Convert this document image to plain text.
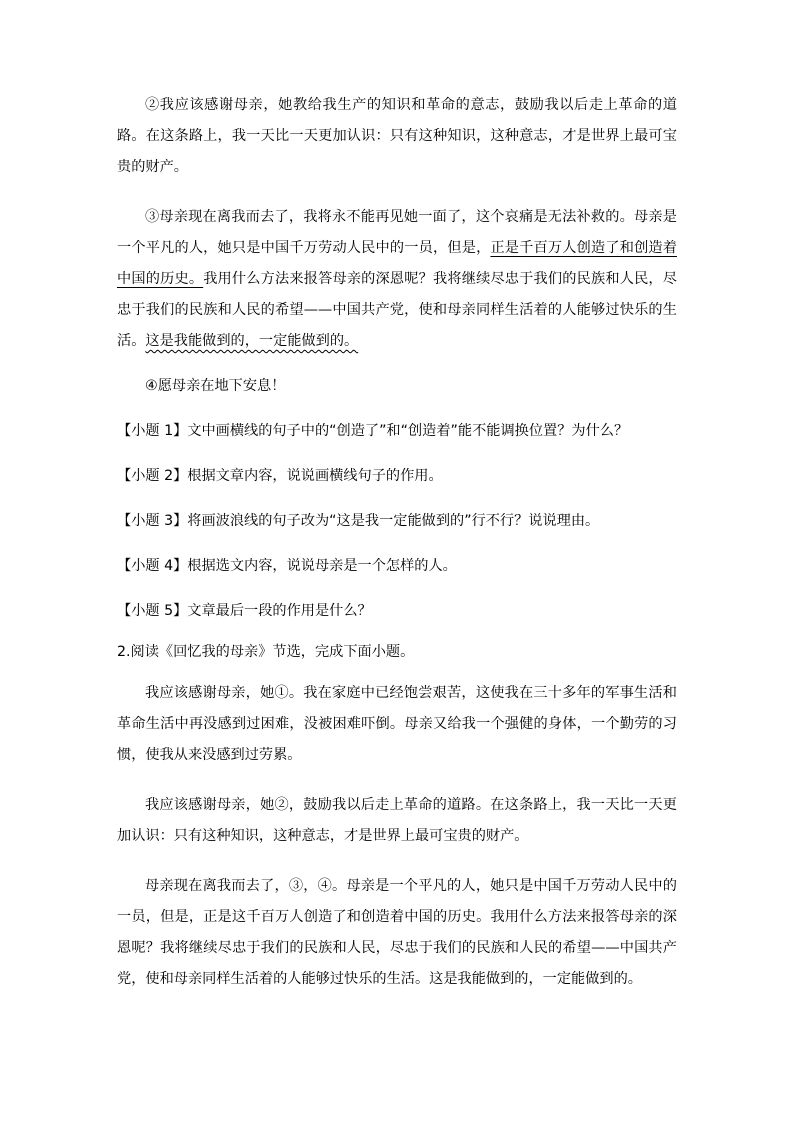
②我应该感谢母亲，她教给我生产的知识和革命的意志，鼓励我以后走上革命的道路。在这条路上，我一天比一天更加认识：只有这种知识，这种意志，才是世界上最可宝贵的财产。

③母亲现在离我而去了，我将永不能再见她一面了，这个哀痛是无法补救的。母亲是一个平凡的人，她只是中国千万劳动人民中的一员，但是，正是千百万人创造了和创造着中国的历史。我用什么方法来报答母亲的深恩呢？我将继续尽忠于我们的民族和人民，尽忠于我们的民族和人民的希望——中国共产党，使和母亲同样生活着的人能够过快乐的生活。这是我能做到的，一定能做到的。

④愿母亲在地下安息！

【小题 1】文中画横线的句子中的“创造了”和“创造着”能不能调换位置？为什么？

【小题 2】根据文章内容，说说画横线句子的作用。

【小题 3】将画波浪线的句子改为“这是我一定能做到的”行不行？说说理由。

【小题 4】根据选文内容，说说母亲是一个怎样的人。

【小题 5】文章最后一段的作用是什么？

2.阅读《回忆我的母亲》节选，完成下面小题。

我应该感谢母亲，她①。我在家庭中已经饱尝艰苦，这使我在三十多年的军事生活和革命生活中再没感到过困难，没被困难吓倒。母亲又给我一个强健的身体，一个勤劳的习惯，使我从来没感到过劳累。

我应该感谢母亲，她②，鼓励我以后走上革命的道路。在这条路上，我一天比一天更加认识：只有这种知识，这种意志，才是世界上最可宝贵的财产。

母亲现在离我而去了，③，④。母亲是一个平凡的人，她只是中国千万劳动人民中的一员，但是，正是这千百万人创造了和创造着中国的历史。我用什么方法来报答母亲的深恩呢？我将继续尽忠于我们的民族和人民，尽忠于我们的民族和人民的希望——中国共产党，使和母亲同样生活着的人能够过快乐的生活。这是我能做到的，一定能做到的。
